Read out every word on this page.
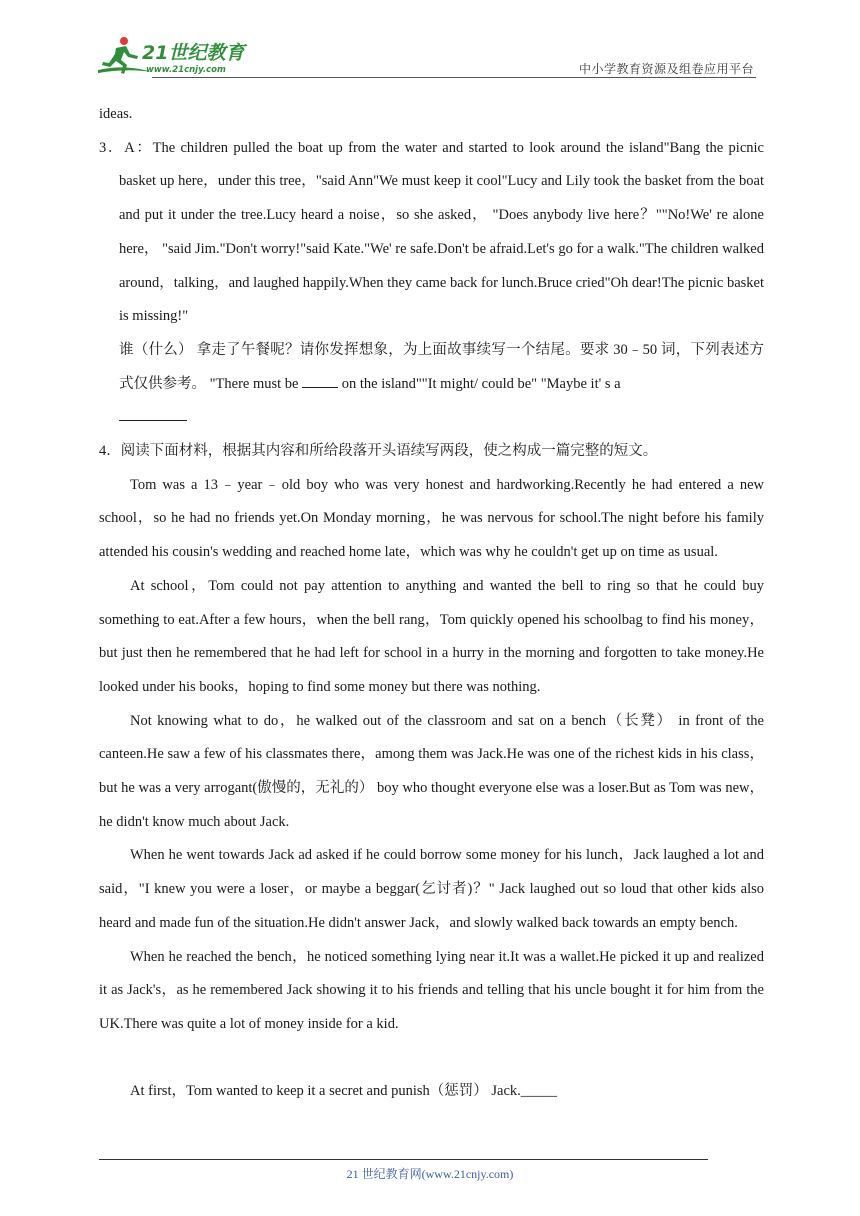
21世纪教育
www.21cnjy.com	中小学教育资源及组卷应用平台

ideas.

3．A：The children pulled the boat up from the water and started to look around the island"Bang the picnic basket up here，under this tree，"said Ann"We must keep it cool"Lucy and Lily took the basket from the boat and put it under the tree.Lucy heard a noise，so she asked， "Does anybody live here？""No!We' re alone here， "said Jim."Don't worry!"said Kate."We' re safe.Don't be afraid.Let's go for a walk."The children walked around，talking，and laughed happily.When they came back for lunch.Bruce cried"Oh dear!The picnic basket is missing!"

谁（什么） 拿走了午餐呢？请你发挥想象，为上面故事续写一个结尾。要求 30﹣50 词，下列表述方式仅供参考。 "There must be	on the island""It might/ could be" "Maybe it' s a

4．阅读下面材料，根据其内容和所给段落开头语续写两段，使之构成一篇完整的短文。

Tom was a 13﹣year﹣old boy who was very honest and hardworking.Recently he had entered a new school，so he had no friends yet.On Monday morning，he was nervous for school.The night before his family attended his cousin's wedding and reached home late，which was why he couldn't get up on time as usual.

At school，Tom could not pay attention to anything and wanted the bell to ring so that he could buy something to eat.After a few hours，when the bell rang，Tom quickly opened his schoolbag to find his money，but just then he remembered that he had left for school in a hurry in the morning and forgotten to take money.He looked under his books，hoping to find some money but there was nothing.

Not knowing what to do，he walked out of the classroom and sat on a bench（长凳） in front of the canteen.He saw a few of his classmates there，among them was Jack.He was one of the richest kids in his class，but he was a very arrogant(傲慢的，无礼的） boy who thought everyone else was a loser.But as Tom was new，he didn't know much about Jack.

When he went towards Jack ad asked if he could borrow some money for his lunch，Jack laughed a lot and said，"I knew you were a loser，or maybe a beggar(乞讨者)？" Jack laughed out so loud that other kids also heard and made fun of the situation.He didn't answer Jack，and slowly walked back towards an empty bench.

When he reached the bench，he noticed something lying near it.It was a wallet.He picked it up and realized it as Jack's，as he remembered Jack showing it to his friends and telling that his uncle bought it for him from the UK.There was quite a lot of money inside for a kid.

At first，Tom wanted to keep it a secret and punish（惩罚） Jack._____

21 世纪教育网(www.21cnjy.com)
